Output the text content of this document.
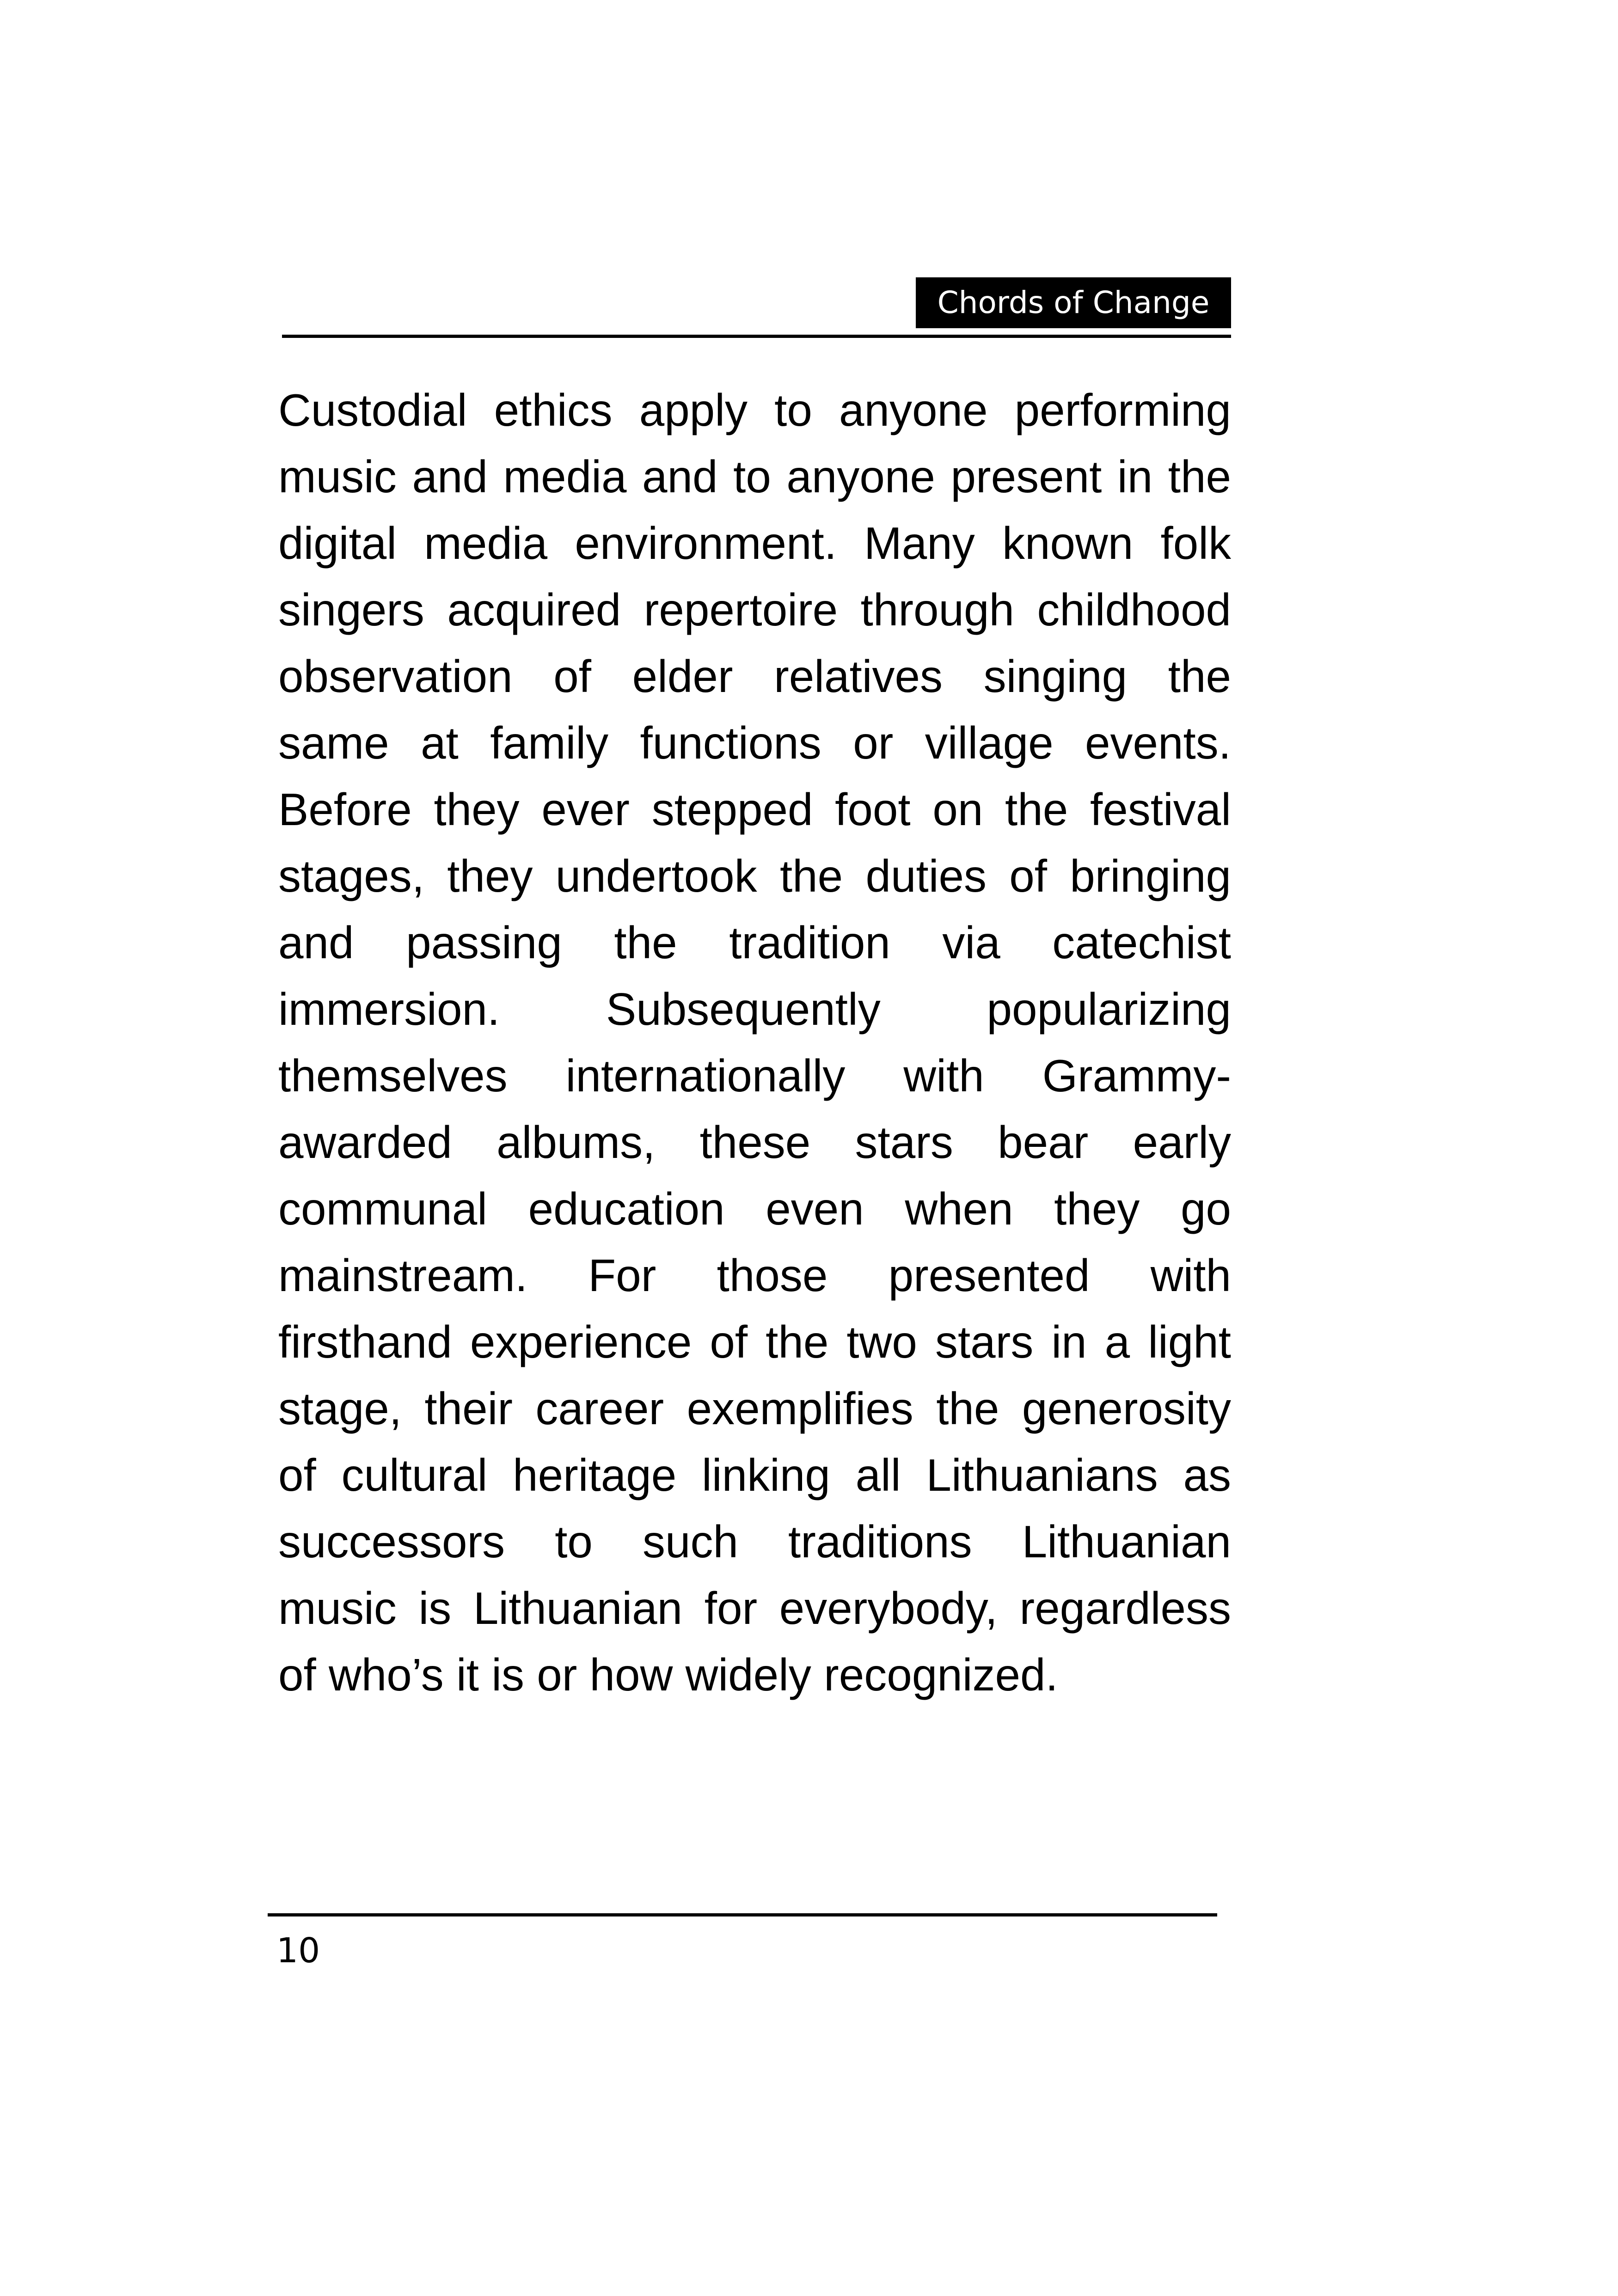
Chords of Change
Custodial ethics apply to anyone performing
music and media and to anyone present in the
digital media environment. Many known folk
singers acquired repertoire through childhood
observation of elder relatives singing the
same at family functions or village events.
Before they ever stepped foot on the festival
stages, they undertook the duties of bringing
and passing the tradition via catechist
immersion. Subsequently popularizing
themselves internationally with Grammy-
awarded albums, these stars bear early
communal education even when they go
mainstream. For those presented with
firsthand experience of the two stars in a light
stage, their career exemplifies the generosity
of cultural heritage linking all Lithuanians as
successors to such traditions Lithuanian
music is Lithuanian for everybody, regardless
of who’s it is or how widely recognized.
10
